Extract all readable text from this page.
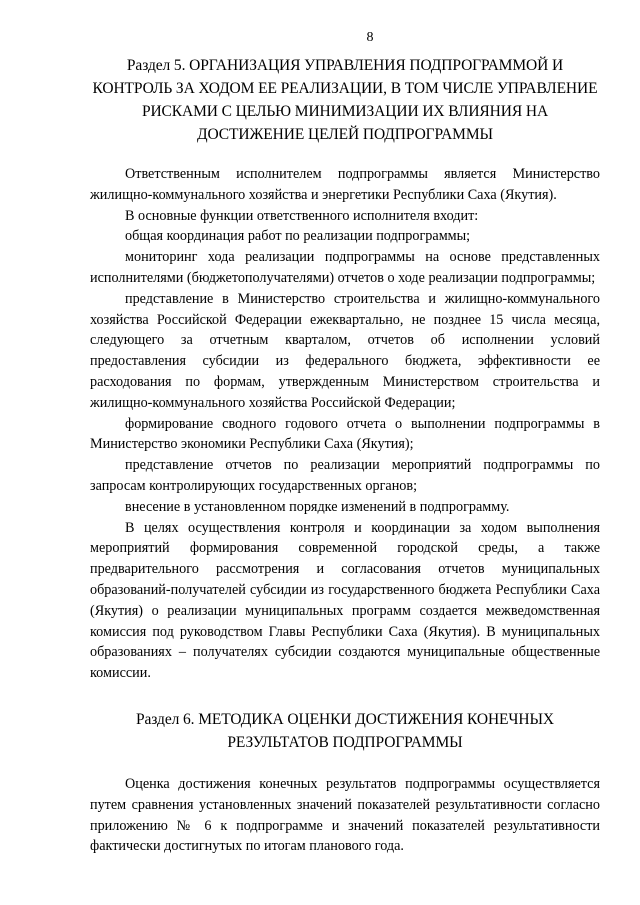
8
Раздел 5. ОРГАНИЗАЦИЯ УПРАВЛЕНИЯ ПОДПРОГРАММОЙ И КОНТРОЛЬ ЗА ХОДОМ ЕЕ РЕАЛИЗАЦИИ, В ТОМ ЧИСЛЕ УПРАВЛЕНИЕ РИСКАМИ С ЦЕЛЬЮ МИНИМИЗАЦИИ ИХ ВЛИЯНИЯ НА ДОСТИЖЕНИЕ ЦЕЛЕЙ ПОДПРОГРАММЫ

Ответственным исполнителем подпрограммы является Министерство жилищно-коммунального хозяйства и энергетики Республики Саха (Якутия).

В основные функции ответственного исполнителя входит:

общая координация работ по реализации подпрограммы;

мониторинг хода реализации подпрограммы на основе представленных исполнителями (бюджетополучателями) отчетов о ходе реализации подпрограммы;

представление в Министерство строительства и жилищно-коммунального хозяйства Российской Федерации ежеквартально, не позднее 15 числа месяца, следующего за отчетным кварталом, отчетов об исполнении условий предоставления субсидии из федерального бюджета, эффективности ее расходования по формам, утвержденным Министерством строительства и жилищно-коммунального хозяйства Российской Федерации;

формирование сводного годового отчета о выполнении подпрограммы в Министерство экономики Республики Саха (Якутия);

представление отчетов по реализации мероприятий подпрограммы по запросам контролирующих государственных органов;

внесение в установленном порядке изменений в подпрограмму.

В целях осуществления контроля и координации за ходом выполнения мероприятий формирования современной городской среды, а также предварительного рассмотрения и согласования отчетов муниципальных образований-получателей субсидии из государственного бюджета Республики Саха (Якутия) о реализации муниципальных программ создается межведомственная комиссия под руководством Главы Республики Саха (Якутия). В муниципальных образованиях – получателях субсидии создаются муниципальные общественные комиссии.

Раздел 6. МЕТОДИКА ОЦЕНКИ ДОСТИЖЕНИЯ КОНЕЧНЫХ РЕЗУЛЬТАТОВ ПОДПРОГРАММЫ

Оценка достижения конечных результатов подпрограммы осуществляется путем сравнения установленных значений показателей результативности согласно приложению № 6 к подпрограмме и значений показателей результативности фактически достигнутых по итогам планового года.
